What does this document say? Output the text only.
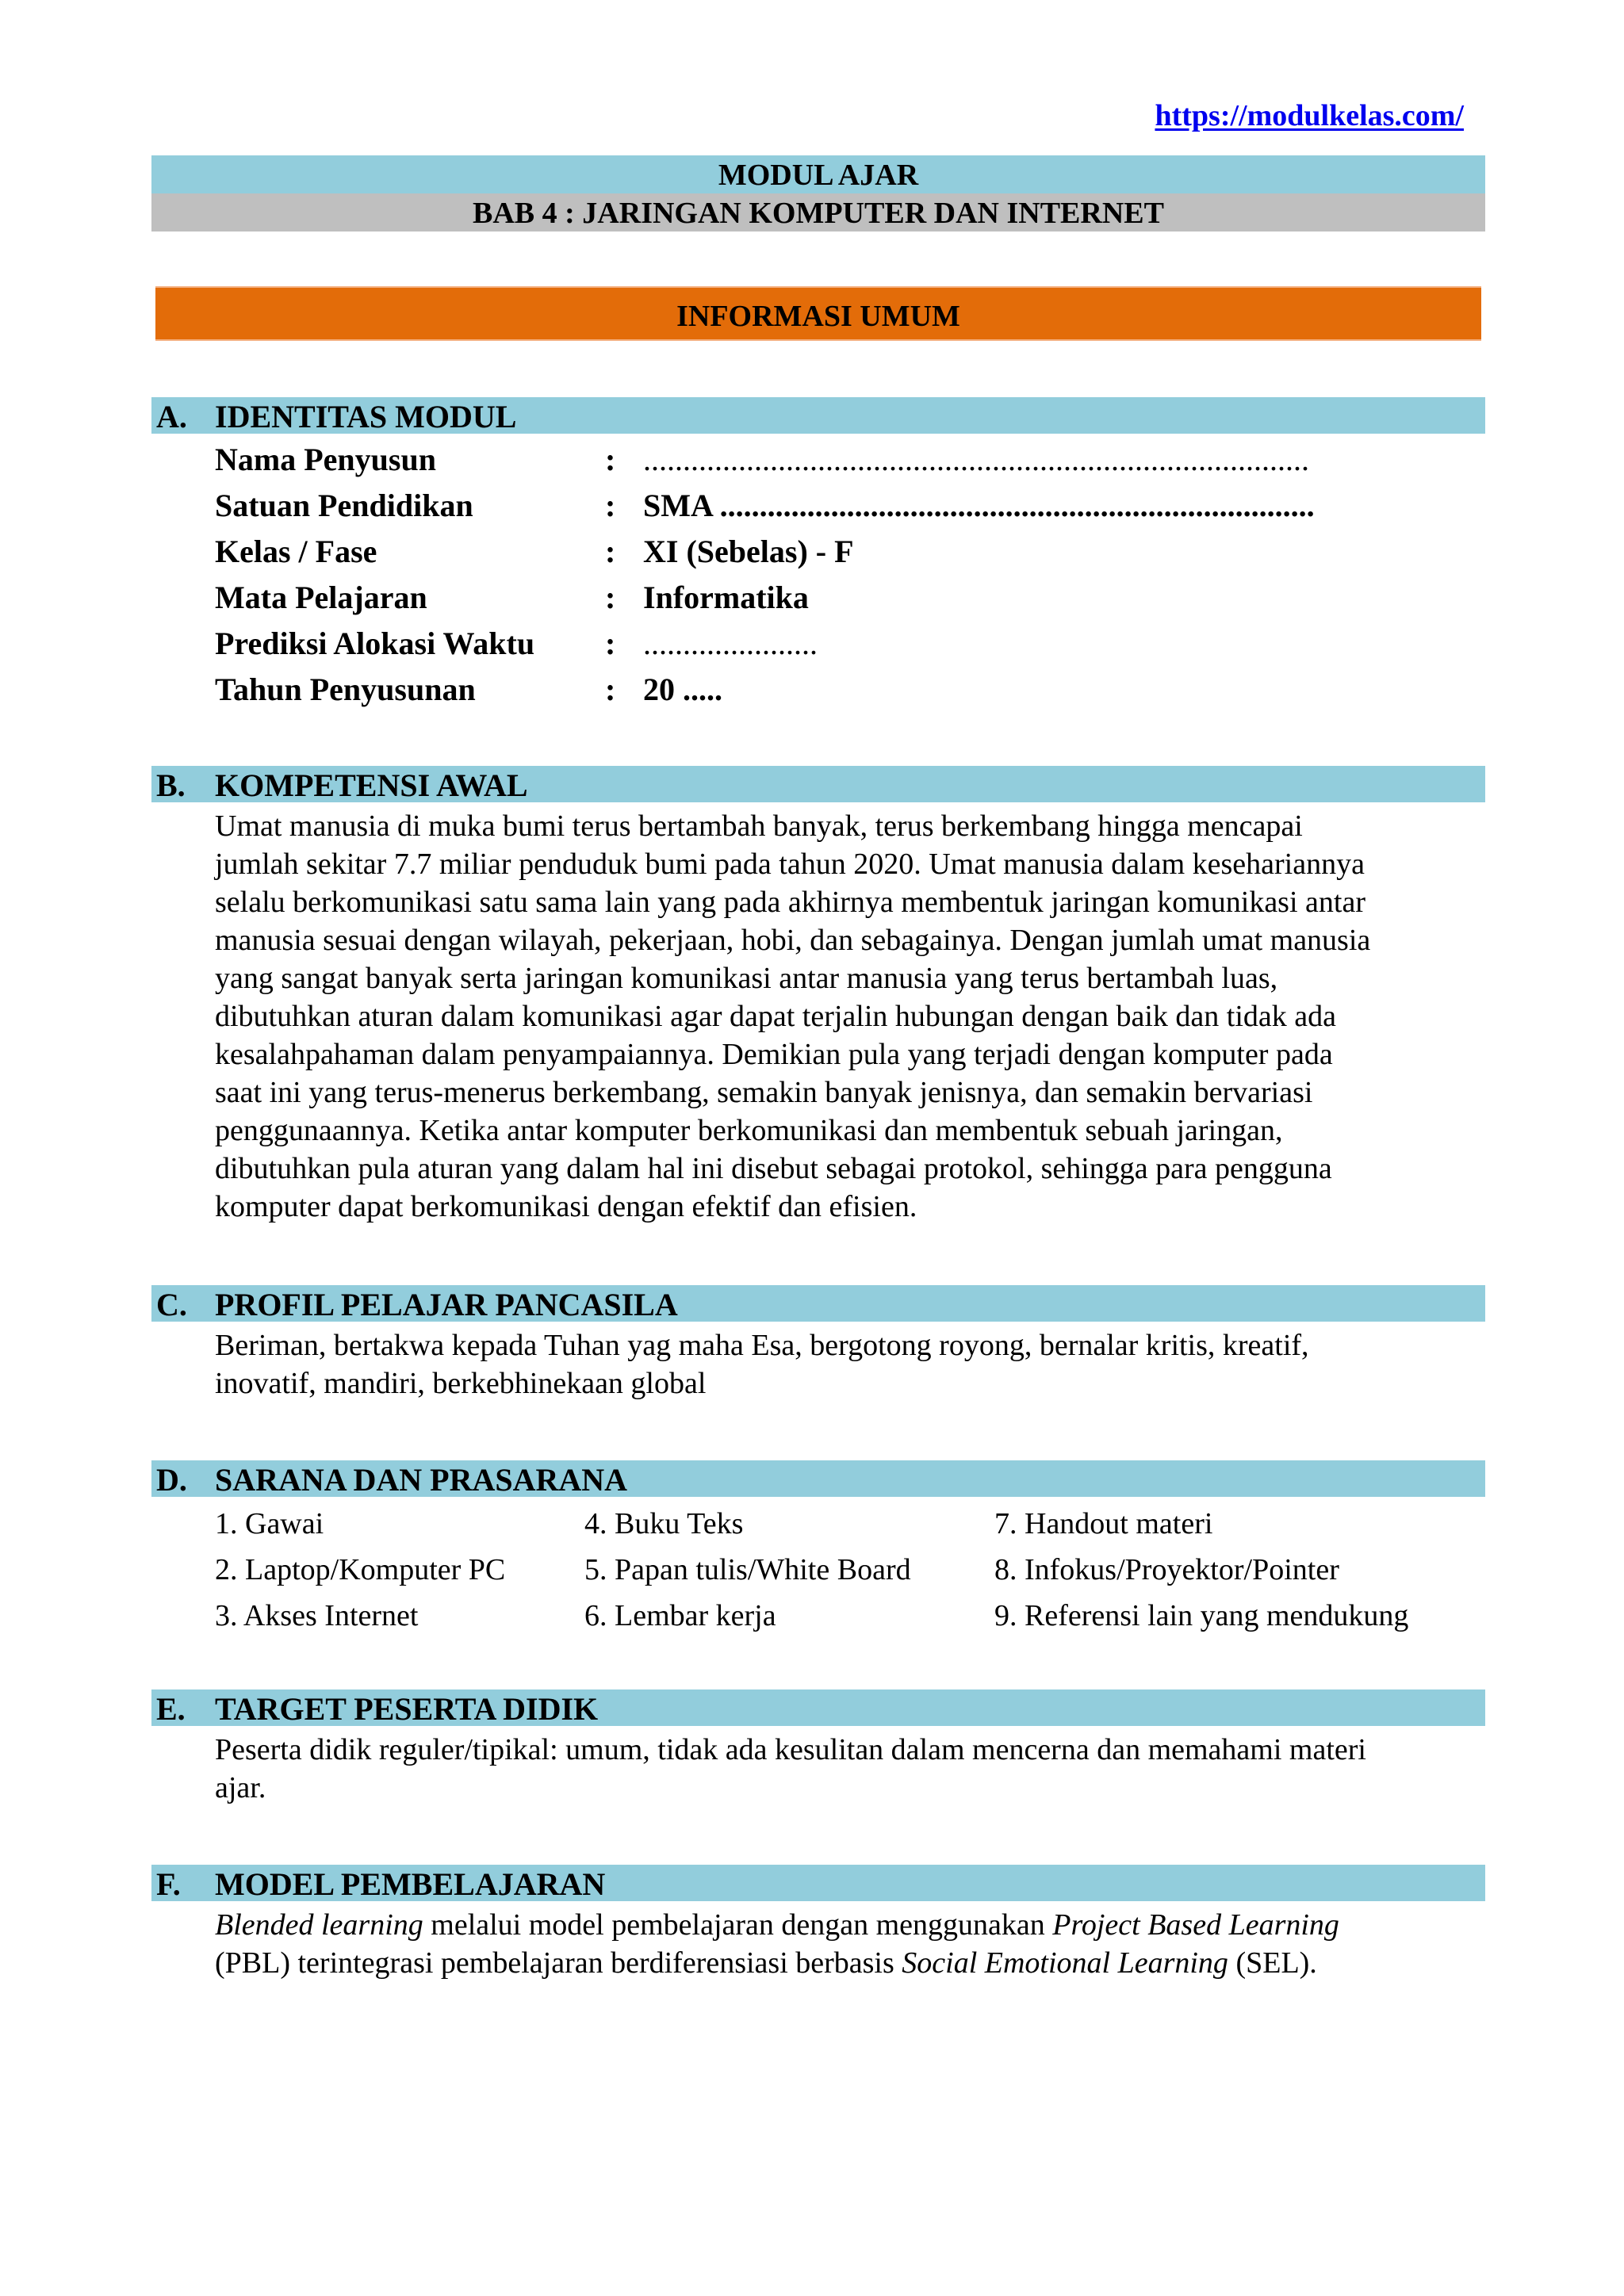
https://modulkelas.com/
MODUL AJAR
BAB 4 : JARINGAN KOMPUTER DAN INTERNET
INFORMASI UMUM
A. IDENTITAS MODUL
Nama Penyusun	: ....................................................................................
Satuan Pendidikan	: SMA ...........................................................................
Kelas / Fase	: XI (Sebelas) - F
Mata Pelajaran	: Informatika
Prediksi Alokasi Waktu : ......................
Tahun Penyusunan	: 20 .....
B. KOMPETENSI AWAL
Umat manusia di muka bumi terus bertambah banyak, terus berkembang hingga mencapai
jumlah sekitar 7.7 miliar penduduk bumi pada tahun 2020. Umat manusia dalam kesehariannya
selalu berkomunikasi satu sama lain yang pada akhirnya membentuk jaringan komunikasi antar
manusia sesuai dengan wilayah, pekerjaan, hobi, dan sebagainya. Dengan jumlah umat manusia
yang sangat banyak serta jaringan komunikasi antar manusia yang terus bertambah luas,
dibutuhkan aturan dalam komunikasi agar dapat terjalin hubungan dengan baik dan tidak ada
kesalahpahaman dalam penyampaiannya. Demikian pula yang terjadi dengan komputer pada
saat ini yang terus-menerus berkembang, semakin banyak jenisnya, dan semakin bervariasi
penggunaannya. Ketika antar komputer berkomunikasi dan membentuk sebuah jaringan,
dibutuhkan pula aturan yang dalam hal ini disebut sebagai protokol, sehingga para pengguna
komputer dapat berkomunikasi dengan efektif dan efisien.
C. PROFIL PELAJAR PANCASILA
Beriman, bertakwa kepada Tuhan yag maha Esa, bergotong royong, bernalar kritis, kreatif,
inovatif, mandiri, berkebhinekaan global
D. SARANA DAN PRASARANA
1. Gawai	4. Buku Teks	7. Handout materi
2. Laptop/Komputer PC	5. Papan tulis/White Board	8. Infokus/Proyektor/Pointer
3. Akses Internet	6. Lembar kerja	9. Referensi lain yang mendukung
E. TARGET PESERTA DIDIK
Peserta didik reguler/tipikal: umum, tidak ada kesulitan dalam mencerna dan memahami materi
ajar.
F. MODEL PEMBELAJARAN
Blended learning melalui model pembelajaran dengan menggunakan Project Based Learning
(PBL) terintegrasi pembelajaran berdiferensiasi berbasis Social Emotional Learning (SEL).
